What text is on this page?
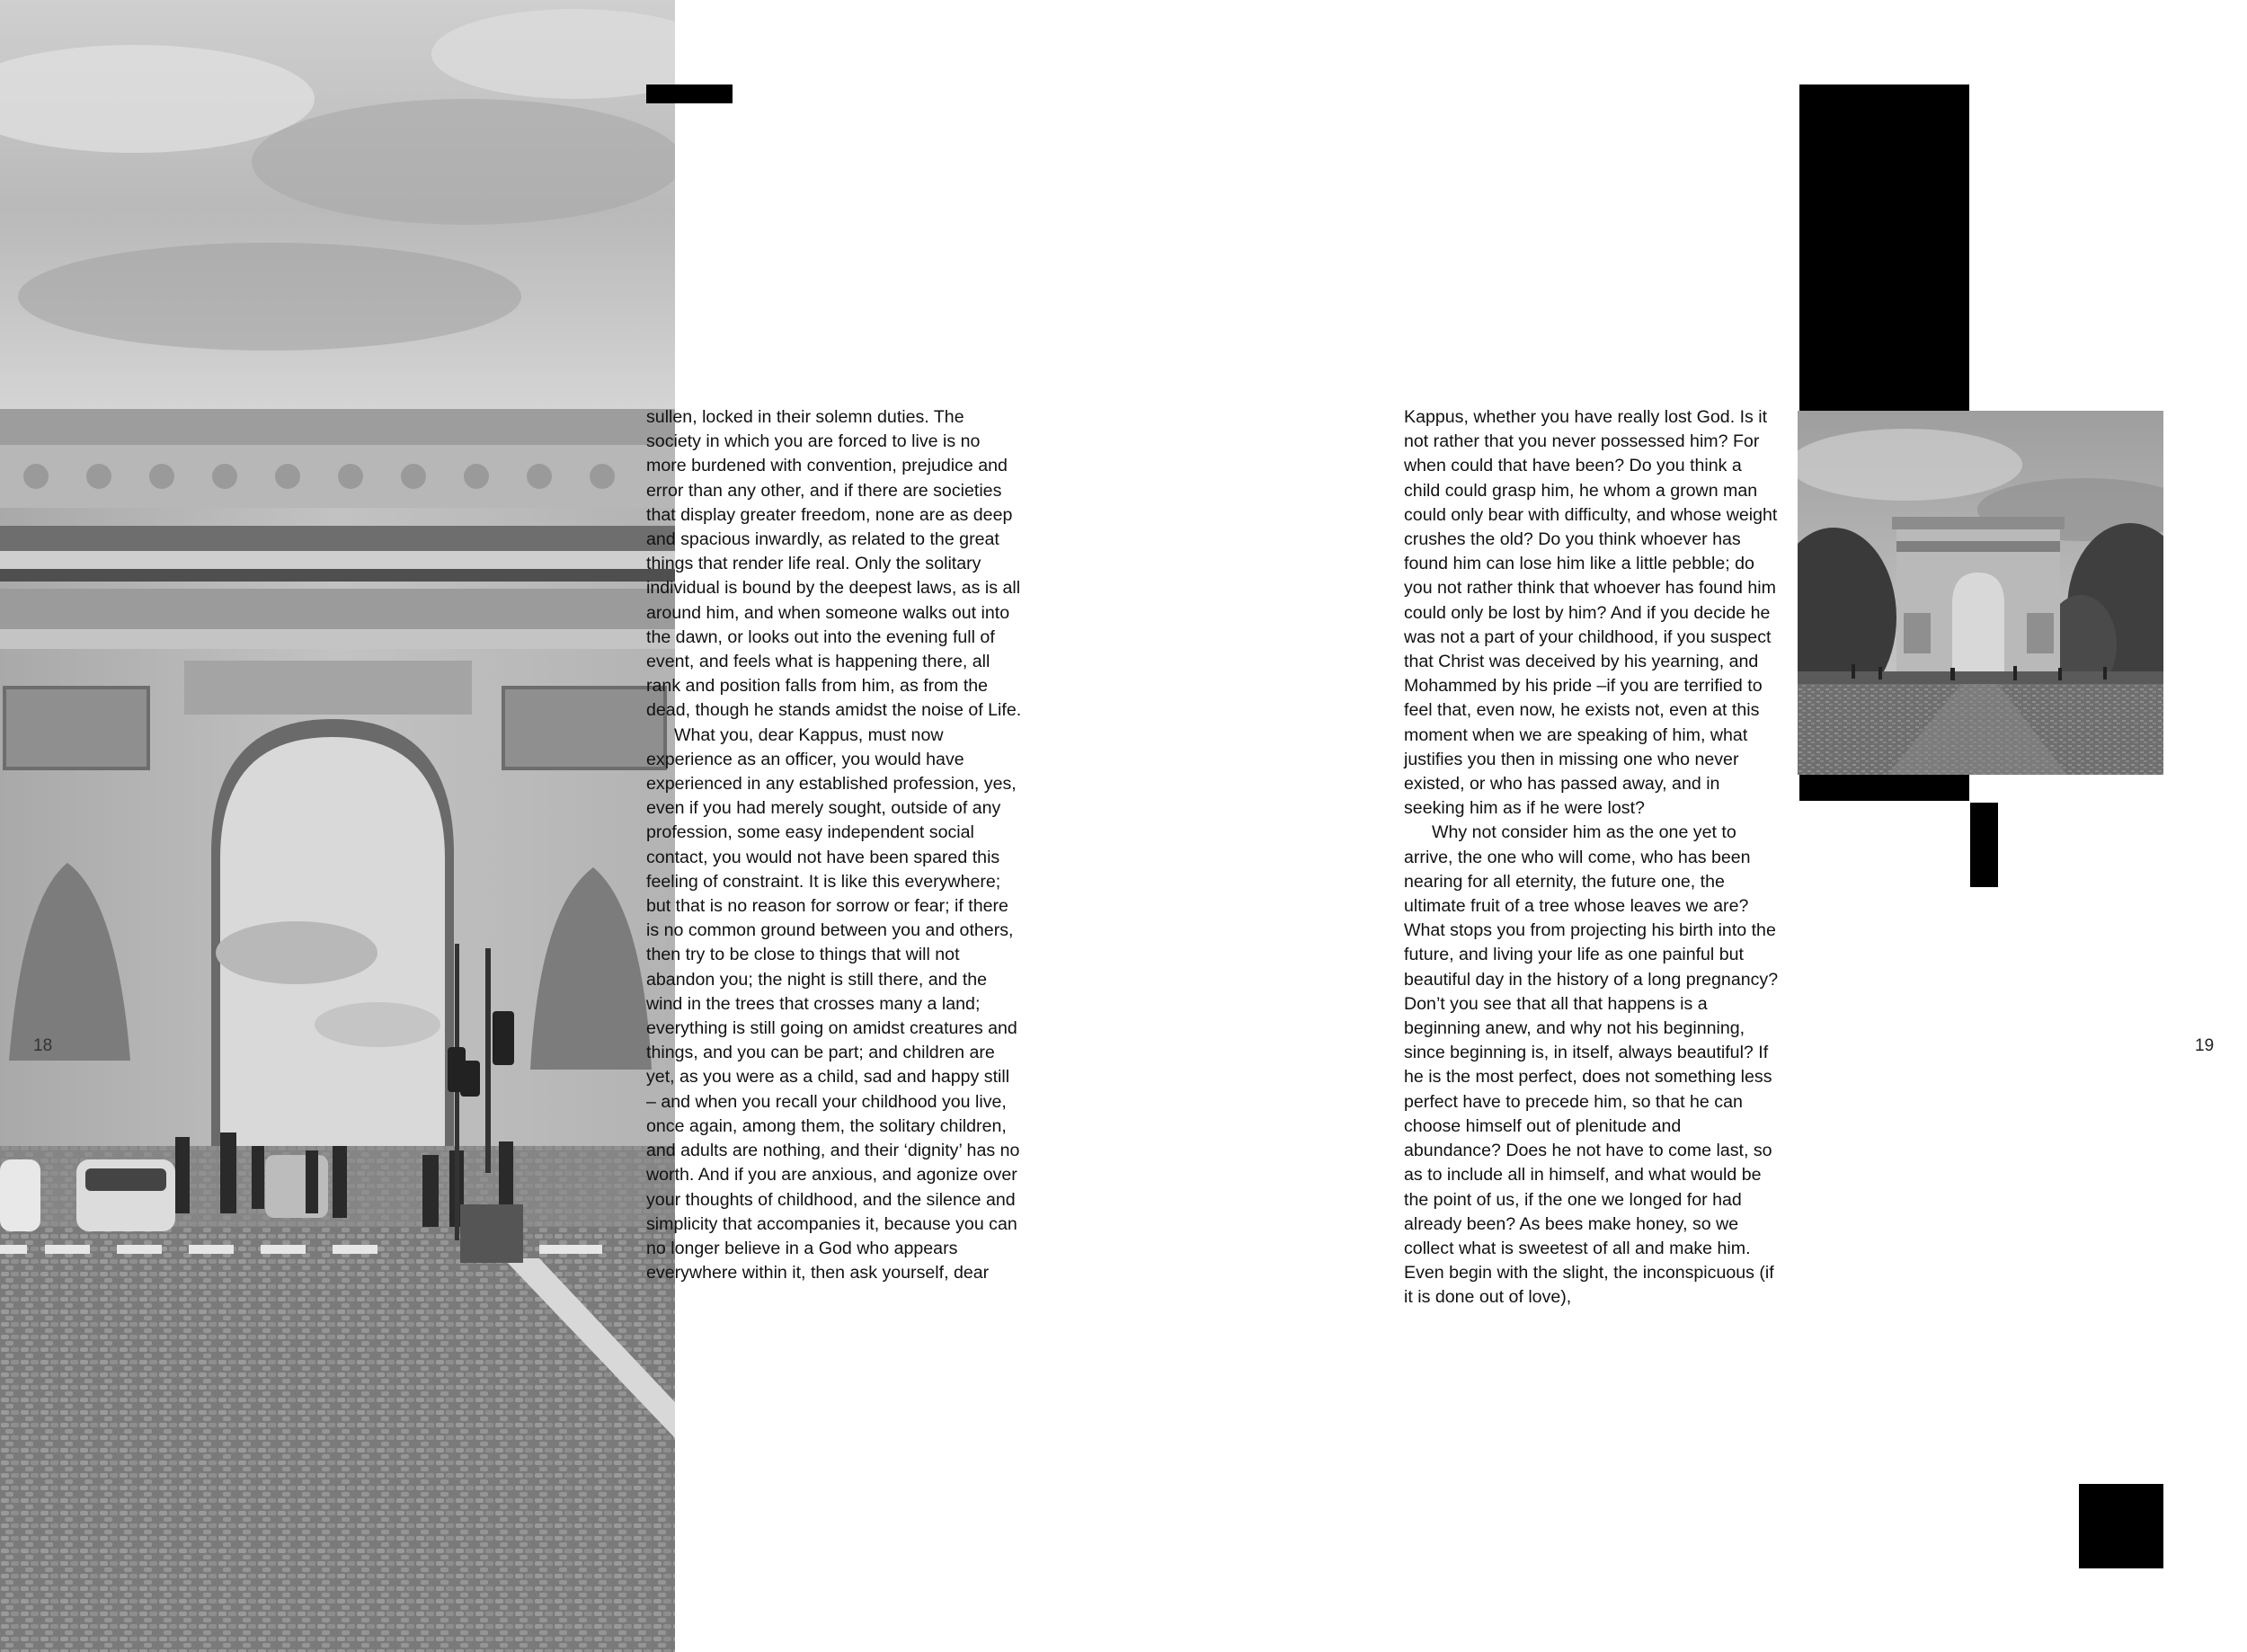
sullen, locked in their solemn duties. The society in which you are forced to live is no more burdened with convention, prejudice and error than any other, and if there are societies that display greater freedom, none are as deep and spacious inwardly, as related to the great things that render life real. Only the solitary individual is bound by the deepest laws, as is all around him, and when someone walks out into the dawn, or looks out into the evening full of event, and feels what is happening there, all rank and position falls from him, as from the dead, though he stands amidst the noise of Life.

What you, dear Kappus, must now experience as an officer, you would have experienced in any established profession, yes, even if you had merely sought, outside of any profession, some easy independent social contact, you would not have been spared this feeling of constraint. It is like this everywhere; but that is no reason for sorrow or fear; if there is no common ground between you and others, then try to be close to things that will not abandon you; the night is still there, and the wind in the trees that crosses many a land; everything is still going on amidst creatures and things, and you can be part; and children are yet, as you were as a child, sad and happy still – and when you recall your childhood you live, once again, among them, the solitary children, and adults are nothing, and their ‘dignity’ has no worth. And if you are anxious, and agonize over your thoughts of childhood, and the silence and simplicity that accompanies it, because you can no longer believe in a God who appears everywhere within it, then ask yourself, dear

Kappus, whether you have really lost God. Is it not rather that you never possessed him? For when could that have been? Do you think a child could grasp him, he whom a grown man could only bear with difficulty, and whose weight crushes the old? Do you think whoever has found him can lose him like a little pebble; do you not rather think that whoever has found him could only be lost by him? And if you decide he was not a part of your childhood, if you suspect that Christ was deceived by his yearning, and Mohammed by his pride –if you are terrified to feel that, even now, he exists not, even at this moment when we are speaking of him, what justifies you then in missing one who never existed, or who has passed away, and in seeking him as if he were lost?

Why not consider him as the one yet to arrive, the one who will come, who has been nearing for all eternity, the future one, the ultimate fruit of a tree whose leaves we are? What stops you from projecting his birth into the future, and living your life as one painful but beautiful day in the history of a long pregnancy? Don’t you see that all that happens is a beginning anew, and why not his beginning, since beginning is, in itself, always beautiful? If he is the most perfect, does not something less perfect have to precede him, so that he can choose himself out of plenitude and abundance? Does he not have to come last, so as to include all in himself, and what would be the point of us, if the one we longed for had already been? As bees make honey, so we collect what is sweetest of all and make him. Even begin with the slight, the inconspicuous (if it is done out of love),

18	19
